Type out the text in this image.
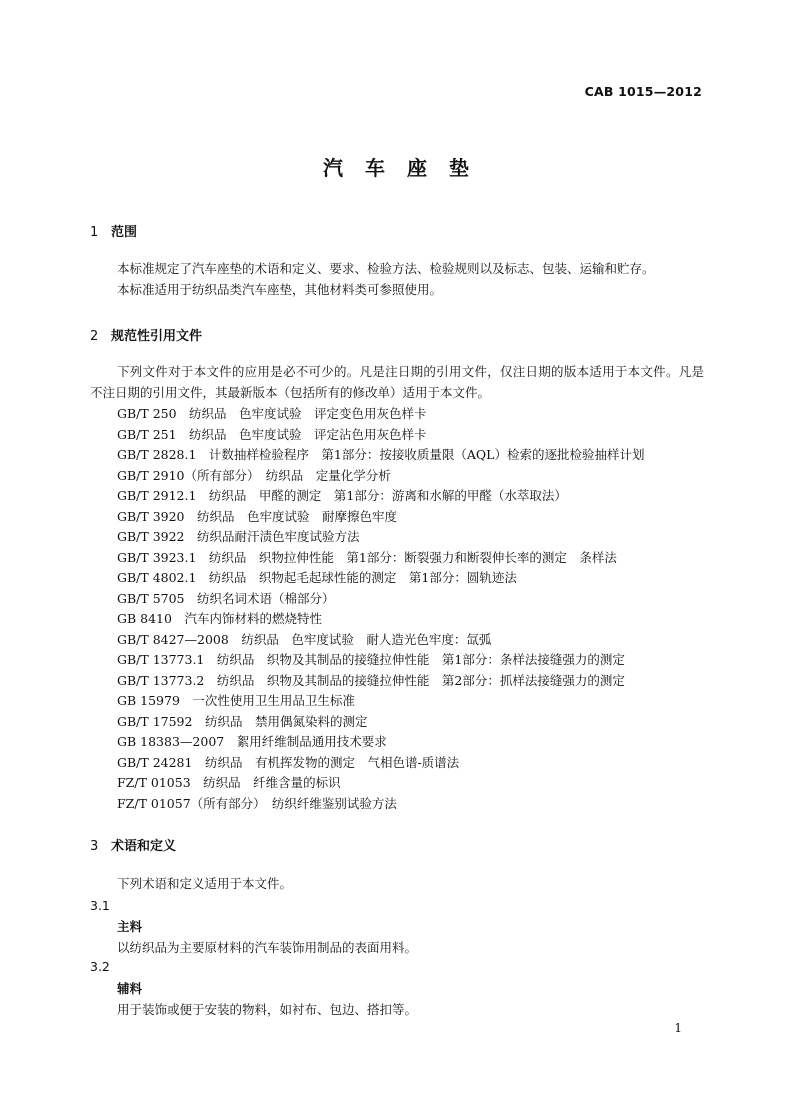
CAB 1015—2012
汽车座垫
1 范围
本标准规定了汽车座垫的术语和定义、要求、检验方法、检验规则以及标志、包装、运输和贮存。
本标准适用于纺织品类汽车座垫，其他材料类可参照使用。
2 规范性引用文件
下列文件对于本文件的应用是必不可少的。凡是注日期的引用文件，仅注日期的版本适用于本文件。凡是不注日期的引用文件，其最新版本（包括所有的修改单）适用于本文件。
GB/T 250　纺织品　色牢度试验　评定变色用灰色样卡
GB/T 251　纺织品　色牢度试验　评定沾色用灰色样卡
GB/T 2828.1　计数抽样检验程序　第1部分：按接收质量限（AQL）检索的逐批检验抽样计划
GB/T 2910（所有部分）　纺织品　定量化学分析
GB/T 2912.1　纺织品　甲醛的测定　第1部分：游离和水解的甲醛（水萃取法）
GB/T 3920　纺织品　色牢度试验　耐摩擦色牢度
GB/T 3922　纺织品耐汗渍色牢度试验方法
GB/T 3923.1　纺织品　织物拉伸性能　第1部分：断裂强力和断裂伸长率的测定　条样法
GB/T 4802.1　纺织品　织物起毛起球性能的测定　第1部分：圆轨迹法
GB/T 5705　纺织名词术语（棉部分）
GB 8410　汽车内饰材料的燃烧特性
GB/T 8427—2008　纺织品　色牢度试验　耐人造光色牢度：氙弧
GB/T 13773.1　纺织品　织物及其制品的接缝拉伸性能　第1部分：条样法接缝强力的测定
GB/T 13773.2　纺织品　织物及其制品的接缝拉伸性能　第2部分：抓样法接缝强力的测定
GB 15979　一次性使用卫生用品卫生标准
GB/T 17592　纺织品　禁用偶氮染料的测定
GB 18383—2007　絮用纤维制品通用技术要求
GB/T 24281　纺织品　有机挥发物的测定　气相色谱-质谱法
FZ/T 01053　纺织品　纤维含量的标识
FZ/T 01057（所有部分）　纺织纤维鉴别试验方法
3 术语和定义
下列术语和定义适用于本文件。
3.1
主料
以纺织品为主要原材料的汽车装饰用制品的表面用料。
3.2
辅料
用于装饰或便于安装的物料，如衬布、包边、搭扣等。
1
